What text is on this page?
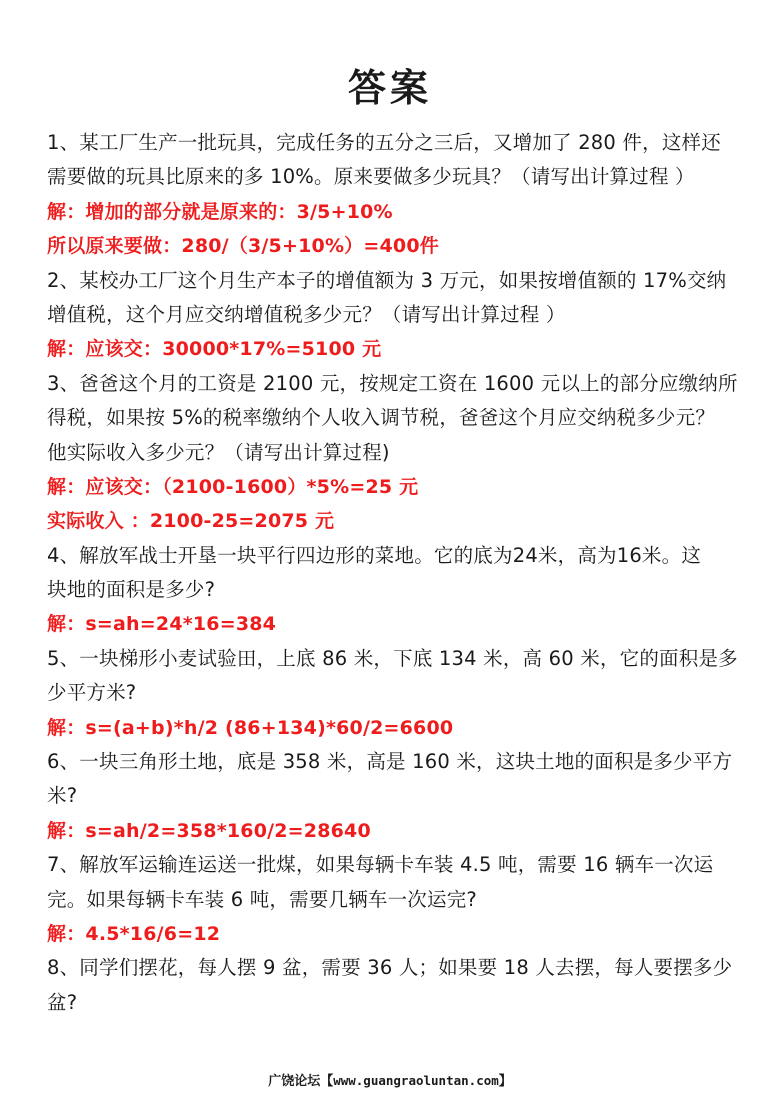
答案
1、某工厂生产一批玩具，完成任务的五分之三后，又增加了 280 件，这样还
需要做的玩具比原来的多 10%。原来要做多少玩具？（请写出计算过程 ）
解：增加的部分就是原来的：3/5+10%
所以原来要做：280/（3/5+10%）=400件
2、某校办工厂这个月生产本子的增值额为 3 万元，如果按增值额的 17%交纳
增值税，这个月应交纳增值税多少元？（请写出计算过程 ）
解：应该交：30000*17%=5100 元
3、爸爸这个月的工资是 2100 元，按规定工资在 1600 元以上的部分应缴纳所
得税，如果按 5%的税率缴纳个人收入调节税，爸爸这个月应交纳税多少元？
他实际收入多少元？（请写出计算过程)
解：应该交：（2100-1600）*5%=25 元
实际收入 ：2100-25=2075 元
4、解放军战士开垦一块平行四边形的菜地。它的底为24米，高为16米。这
块地的面积是多少?
解：s=ah=24*16=384
5、一块梯形小麦试验田，上底 86 米，下底 134 米，高 60 米，它的面积是多
少平方米?
解：s=(a+b)*h/2 (86+134)*60/2=6600
6、一块三角形土地，底是 358 米，高是 160 米，这块土地的面积是多少平方
米?
解：s=ah/2=358*160/2=28640
7、解放军运输连运送一批煤，如果每辆卡车装 4.5 吨，需要 16 辆车一次运
完。如果每辆卡车装 6 吨，需要几辆车一次运完?
解：4.5*16/6=12
8、同学们摆花，每人摆 9 盆，需要 36 人；如果要 18 人去摆，每人要摆多少
盆?
广饶论坛【www.guangraoluntan.com】
